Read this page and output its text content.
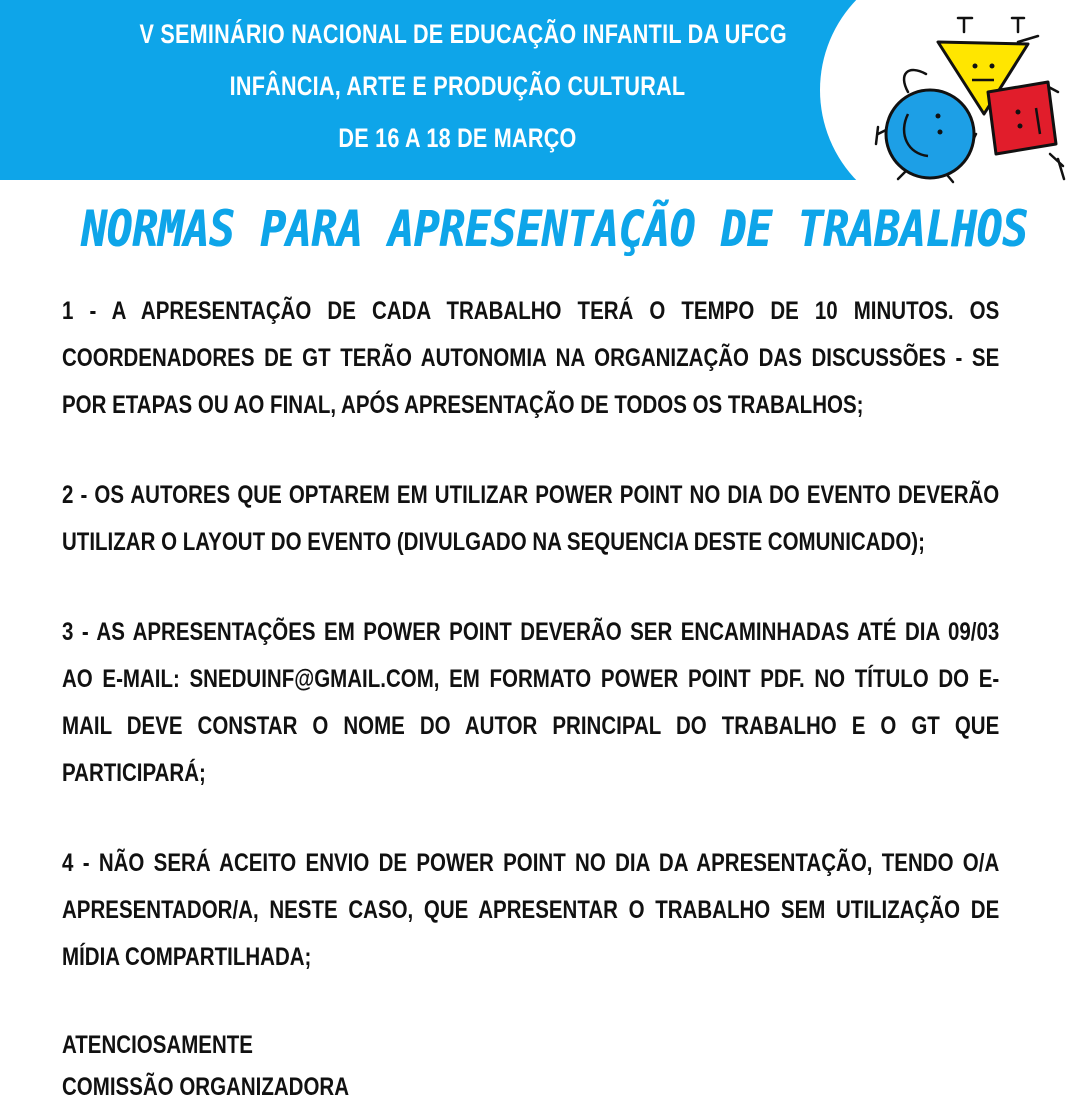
V SEMINÁRIO NACIONAL DE EDUCAÇÃO INFANTIL DA UFCG
INFÂNCIA, ARTE E PRODUÇÃO CULTURAL
DE 16 A 18 DE MARÇO
NORMAS PARA APRESENTAÇÃO DE TRABALHOS

1 - A APRESENTAÇÃO DE CADA TRABALHO TERÁ O TEMPO DE 10 MINUTOS. OS COORDENADORES DE GT TERÃO AUTONOMIA NA ORGANIZAÇÃO DAS DISCUSSÕES - SE POR ETAPAS OU AO FINAL, APÓS APRESENTAÇÃO DE TODOS OS TRABALHOS;

2 - OS AUTORES QUE OPTAREM EM UTILIZAR POWER POINT NO DIA DO EVENTO DEVERÃO UTILIZAR O LAYOUT DO EVENTO (DIVULGADO NA SEQUENCIA DESTE COMUNICADO);

3 - AS APRESENTAÇÕES EM POWER POINT DEVERÃO SER ENCAMINHADAS ATÉ DIA 09/03 AO E-MAIL: SNEDUINF@GMAIL.COM, EM FORMATO POWER POINT PDF. NO TÍTULO DO E-MAIL DEVE CONSTAR O NOME DO AUTOR PRINCIPAL DO TRABALHO E O GT QUE PARTICIPARÁ;

4 - NÃO SERÁ ACEITO ENVIO DE POWER POINT NO DIA DA APRESENTAÇÃO, TENDO O/A APRESENTADOR/A, NESTE CASO, QUE APRESENTAR O TRABALHO SEM UTILIZAÇÃO DE MÍDIA COMPARTILHADA;

ATENCIOSAMENTE

COMISSÃO ORGANIZADORA
